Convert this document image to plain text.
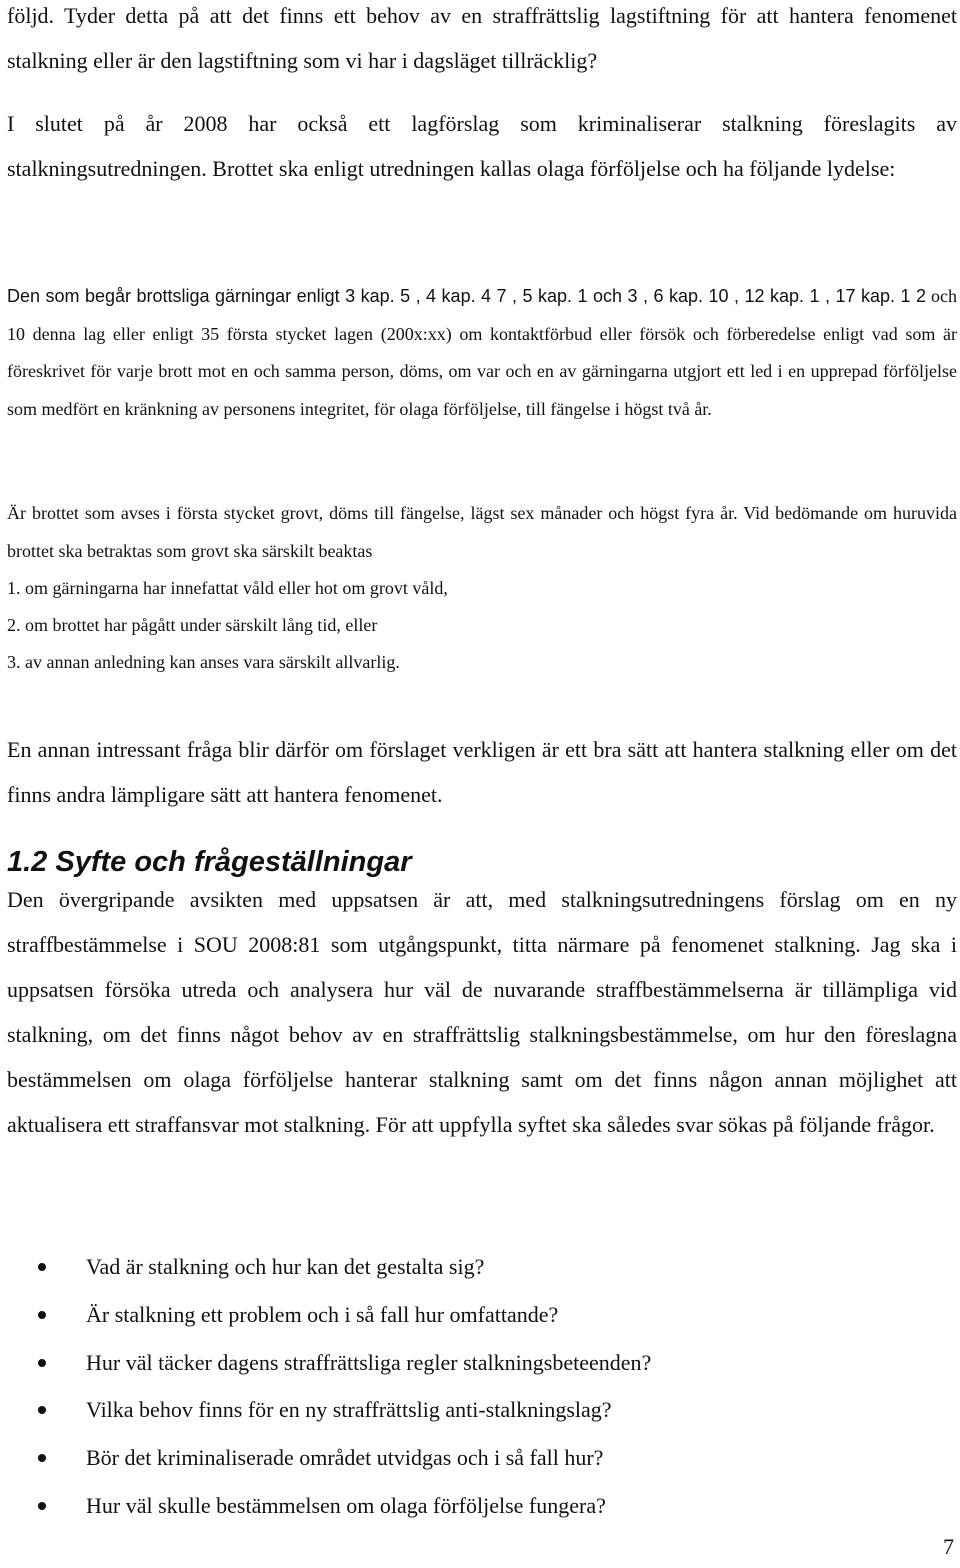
följd. Tyder detta på att det finns ett behov av en straffrättslig lagstiftning för att hantera fenomenet stalkning eller är den lagstiftning som vi har i dagsläget tillräcklig?

I slutet på år 2008 har också ett lagförslag som kriminaliserar stalkning föreslagits av stalkningsutredningen. Brottet ska enligt utredningen kallas olaga förföljelse och ha följande lydelse:

Den som begår brottsliga gärningar enligt 3 kap. 5 , 4 kap. 4 7 , 5 kap. 1 och 3 , 6 kap. 10 , 12 kap. 1 , 17 kap. 1 2 och 10 denna lag eller enligt 35 första stycket lagen (200x:xx) om kontaktförbud eller försök och förberedelse enligt vad som är föreskrivet för varje brott mot en och samma person, döms, om var och en av gärningarna utgjort ett led i en upprepad förföljelse som medfört en kränkning av personens integritet, för olaga förföljelse, till fängelse i högst två år.

Är brottet som avses i första stycket grovt, döms till fängelse, lägst sex månader och högst fyra år. Vid bedömande om huruvida brottet ska betraktas som grovt ska särskilt beaktas

1. om gärningarna har innefattat våld eller hot om grovt våld,

2. om brottet har pågått under särskilt lång tid, eller

3. av annan anledning kan anses vara särskilt allvarlig.

En annan intressant fråga blir därför om förslaget verkligen är ett bra sätt att hantera stalkning eller om det finns andra lämpligare sätt att hantera fenomenet.

1.2 Syfte och frågeställningar

Den övergripande avsikten med uppsatsen är att, med stalkningsutredningens förslag om en ny straffbestämmelse i SOU 2008:81 som utgångspunkt, titta närmare på fenomenet stalkning. Jag ska i uppsatsen försöka utreda och analysera hur väl de nuvarande straffbestämmelserna är tillämpliga vid stalkning, om det finns något behov av en straffrättslig stalkningsbestämmelse, om hur den föreslagna bestämmelsen om olaga förföljelse hanterar stalkning samt om det finns någon annan möjlighet att aktualisera ett straffansvar mot stalkning. För att uppfylla syftet ska således svar sökas på följande frågor.

Vad är stalkning och hur kan det gestalta sig?
Är stalkning ett problem och i så fall hur omfattande?
Hur väl täcker dagens straffrättsliga regler stalkningsbeteenden?
Vilka behov finns för en ny straffrättslig anti-stalkningslag?
Bör det kriminaliserade området utvidgas och i så fall hur?
Hur väl skulle bestämmelsen om olaga förföljelse fungera?
7
